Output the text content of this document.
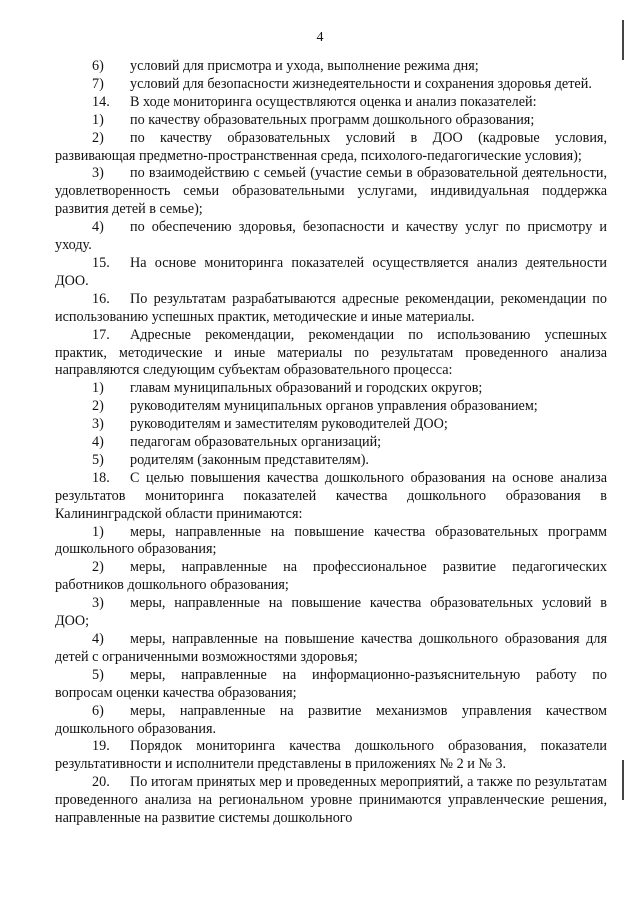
4

6) условий для присмотра и ухода, выполнение режима дня;

7) условий для безопасности жизнедеятельности и сохранения здоровья детей.

14. В ходе мониторинга осуществляются оценка и анализ показателей:

1) по качеству образовательных программ дошкольного образования;

2) по качеству образовательных условий в ДОО (кадровые условия, развивающая предметно-пространственная среда, психолого-педагогические условия);

3) по взаимодействию с семьей (участие семьи в образовательной деятельности, удовлетворенность семьи образовательными услугами, индивидуальная поддержка развития детей в семье);

4) по обеспечению здоровья, безопасности и качеству услуг по присмотру и уходу.

15. На основе мониторинга показателей осуществляется анализ деятельности ДОО.

16. По результатам разрабатываются адресные рекомендации, рекомендации по использованию успешных практик, методические и иные материалы.

17. Адресные рекомендации, рекомендации по использованию успешных практик, методические и иные материалы по результатам проведенного анализа направляются следующим субъектам образовательного процесса:

1) главам муниципальных образований и городских округов;

2) руководителям муниципальных органов управления образованием;

3) руководителям и заместителям руководителей ДОО;

4) педагогам образовательных организаций;

5) родителям (законным представителям).

18. С целью повышения качества дошкольного образования на основе анализа результатов мониторинга показателей качества дошкольного образования в Калининградской области принимаются:

1) меры, направленные на повышение качества образовательных программ дошкольного образования;

2) меры, направленные на профессиональное развитие педагогических работников дошкольного образования;

3) меры, направленные на повышение качества образовательных условий в ДОО;

4) меры, направленные на повышение качества дошкольного образования для детей с ограниченными возможностями здоровья;

5) меры, направленные на информационно-разъяснительную работу по вопросам оценки качества образования;

6) меры, направленные на развитие механизмов управления качеством дошкольного образования.

19. Порядок мониторинга качества дошкольного образования, показатели результативности и исполнители представлены в приложениях № 2 и № 3.

20. По итогам принятых мер и проведенных мероприятий, а также по результатам проведенного анализа на региональном уровне принимаются управленческие решения, направленные на развитие системы дошкольного
